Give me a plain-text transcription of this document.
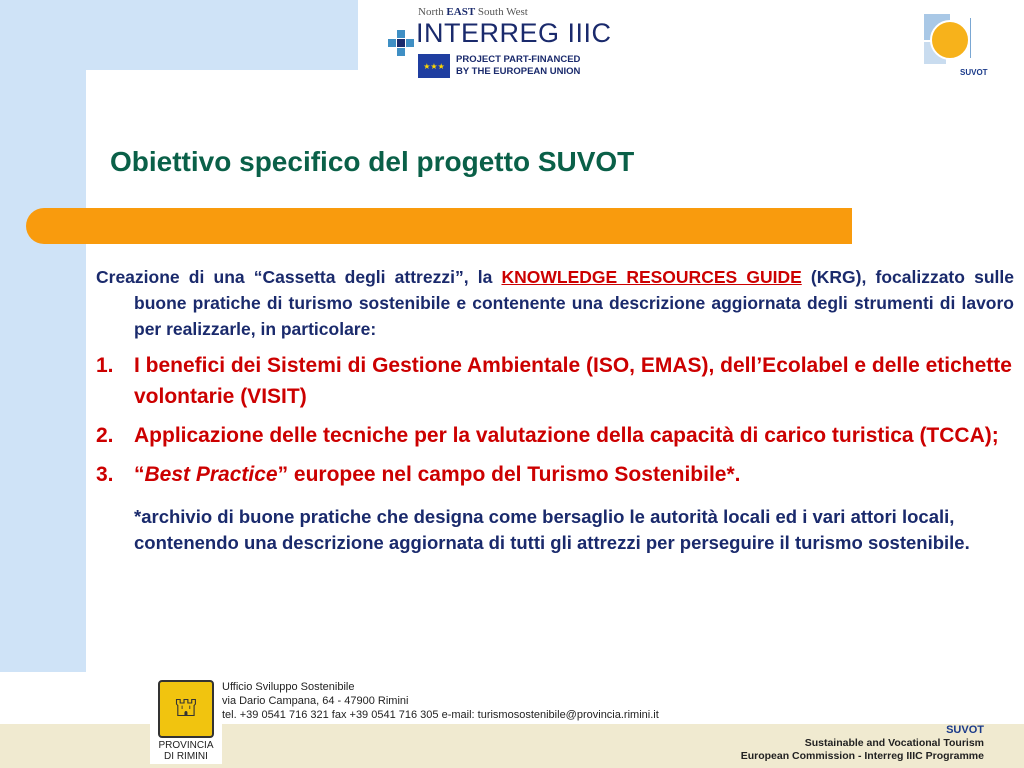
North EAST South West
INTERREG IIIC
★★★
PROJECT PART-FINANCED
BY THE EUROPEAN UNION	SUVOT
Obiettivo specifico del progetto SUVOT
Creazione di una “Cassetta degli attrezzi”, la KNOWLEDGE RESOURCES GUIDE (KRG), focalizzato sulle buone pratiche di turismo sostenibile e contenente una descrizione aggiornata degli strumenti di lavoro per realizzarle, in particolare:
1. I benefici dei Sistemi di Gestione Ambientale (ISO, EMAS), dell’Ecolabel e delle etichette volontarie (VISIT)
2. Applicazione delle tecniche per la valutazione della capacità di carico turistica (TCCA);
3. “Best Practice” europee nel campo del Turismo Sostenibile*.
*archivio di buone pratiche che designa come bersaglio le autorità locali ed i vari attori locali, contenendo una descrizione aggiornata di tutti gli attrezzi per perseguire il turismo sostenibile.
⛫
PROVINCIA
DI RIMINI
Ufficio Sviluppo Sostenibile
via Dario Campana, 64 - 47900 Rimini
tel. +39 0541 716 321 fax +39 0541 716 305 e-mail: turismosostenibile@provincia.rimini.it
SUVOT
Sustainable and Vocational Tourism
European Commission - Interreg IIIC Programme
